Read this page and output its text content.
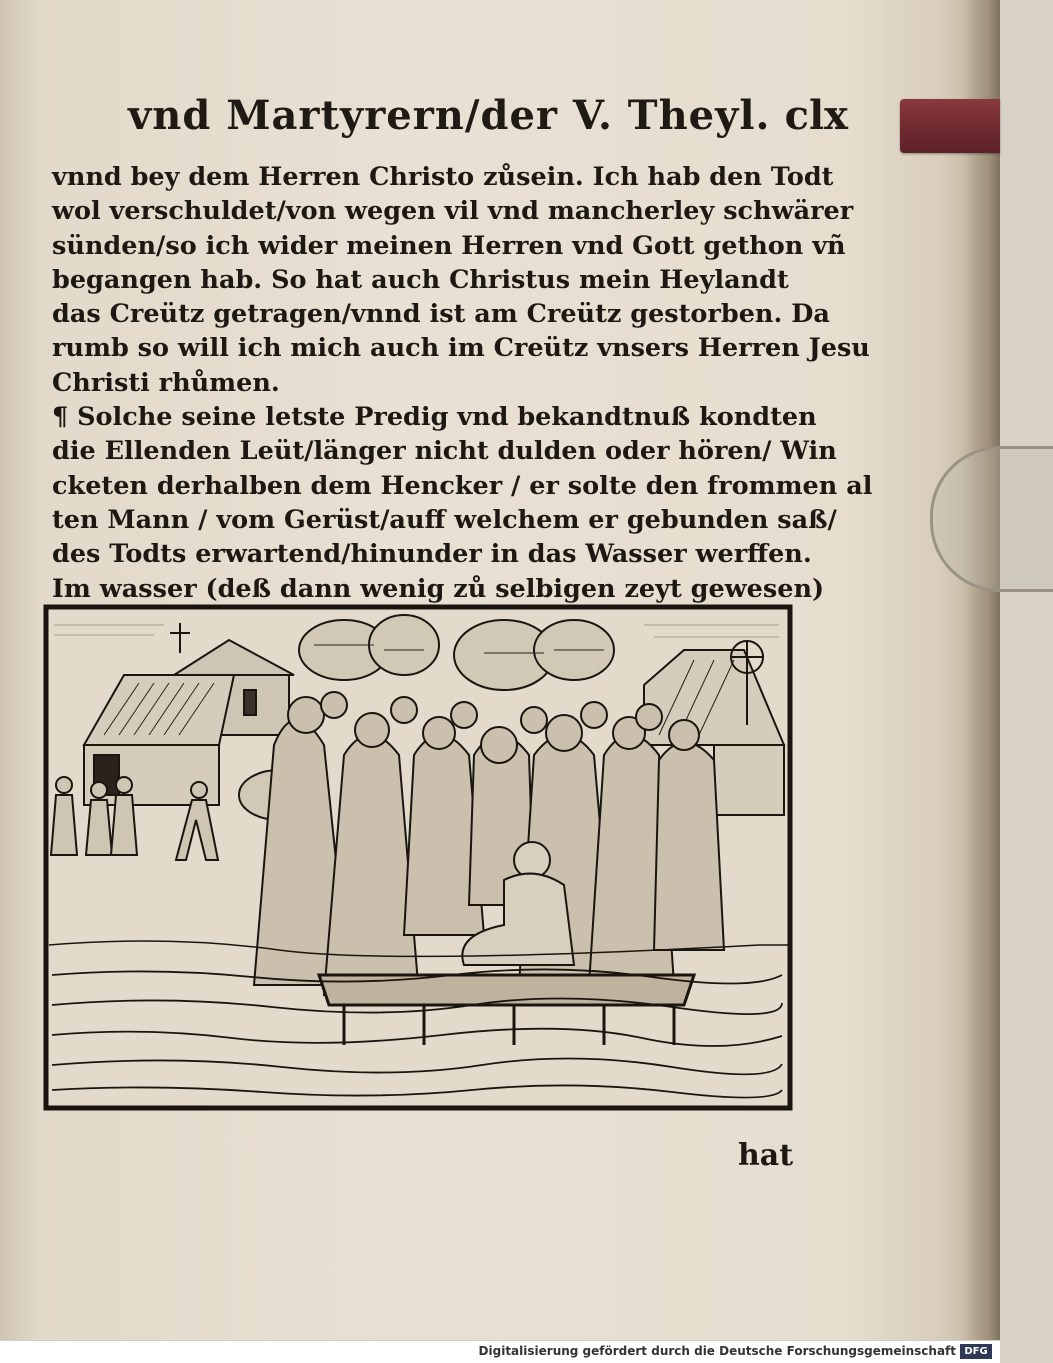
vnd Martyrern/der V. Theyl. clx
vnnd bey dem Herren Christo zůsein. Ich hab den Todt
wol verschuldet/von wegen vil vnd mancherley schwärer
sünden/so ich wider meinen Herren vnd Gott gethon vñ
begangen hab. So hat auch Christus mein Heylandt
das Creütz getragen/vnnd ist am Creütz gestorben. Da
rumb so will ich mich auch im Creütz vnsers Herren Jesu
Christi rhůmen.
¶ Solche seine letste Predig vnd bekandtnuß kondten
die Ellenden Leüt/länger nicht dulden oder hören/ Win
cketen derhalben dem Hencker / er solte den frommen al
ten Mann / vom Gerüst/auff welchem er gebunden saß/
des Todts erwartend/hinunder in das Wasser werffen.
Im wasser (deß dann wenig zů selbigen zeyt gewesen)
hat
Digitalisierung gefördert durch die Deutsche Forschungsgemeinschaft DFG
